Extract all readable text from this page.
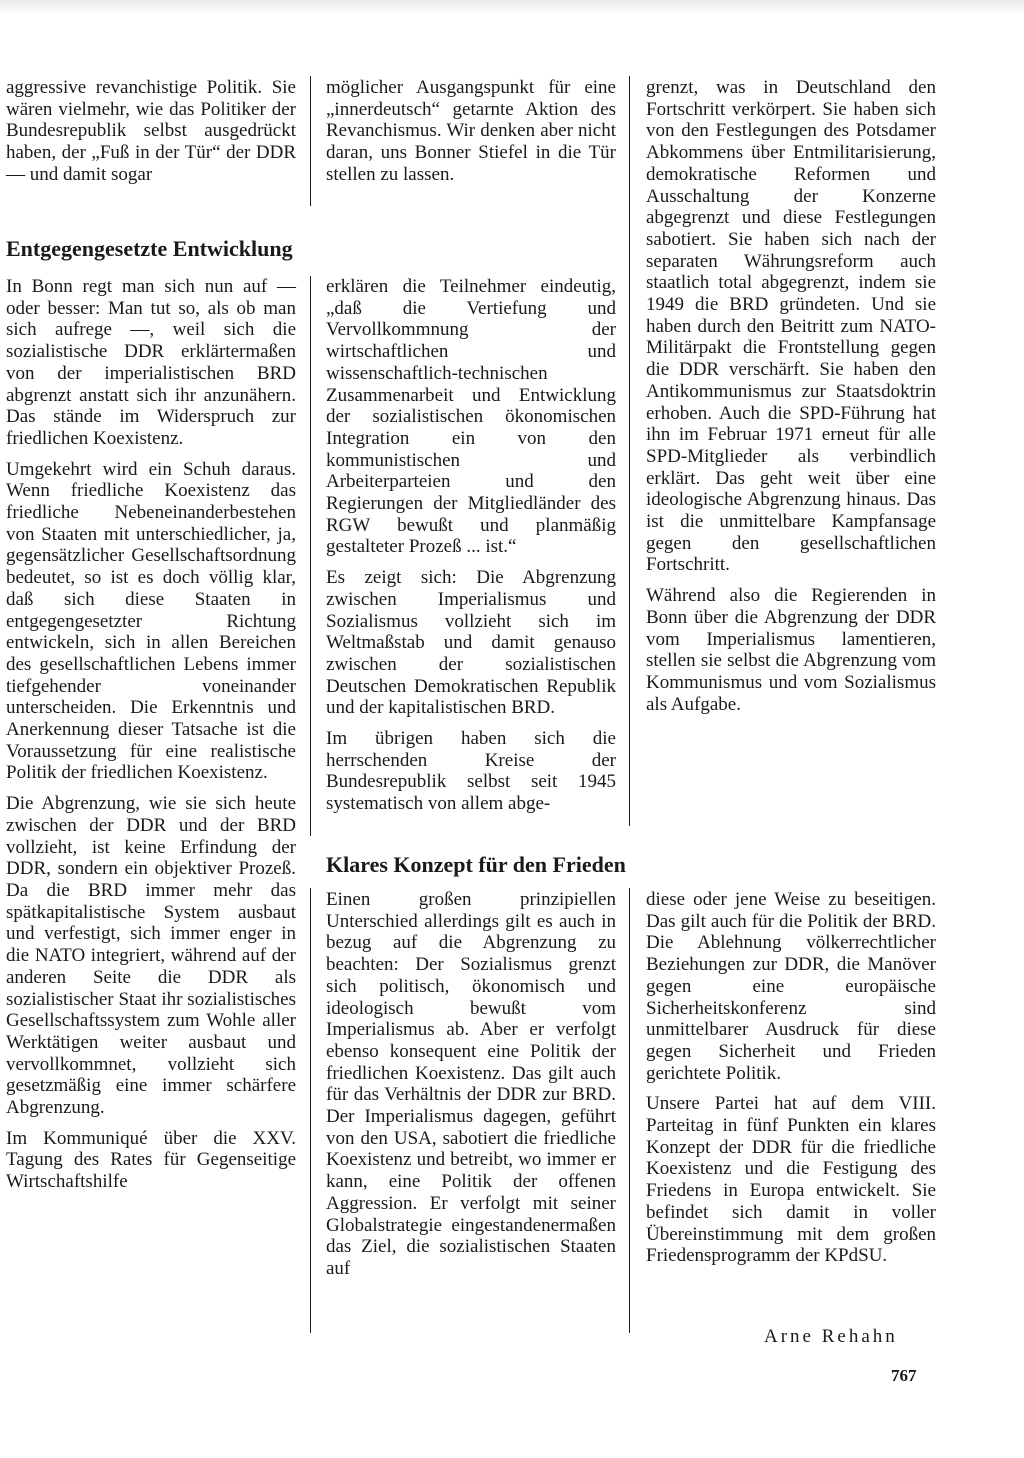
aggressive revanchistige Politik. Sie wären vielmehr, wie das Politiker der Bundesrepublik selbst ausgedrückt haben, der „Fuß in der Tür“ der DDR — und damit sogar

möglicher Ausgangspunkt für eine „innerdeutsch“ getarnte Aktion des Revanchismus. Wir denken aber nicht daran, uns Bonner Stiefel in die Tür stellen zu lassen.

grenzt, was in Deutschland den Fortschritt verkörpert. Sie haben sich von den Festlegungen des Potsdamer Abkommens über Entmilitarisierung, demokratische Reformen und Ausschaltung der Konzerne abgegrenzt und diese Festlegungen sabotiert. Sie haben sich nach der separaten Währungsreform auch staatlich total abgegrenzt, indem sie 1949 die BRD gründeten. Und sie haben durch den Beitritt zum NATO-Militärpakt die Frontstellung gegen die DDR verschärft. Sie haben den Antikommunismus zur Staatsdoktrin erhoben. Auch die SPD-Führung hat ihn im Februar 1971 erneut für alle SPD-Mitglieder als verbindlich erklärt. Das geht weit über eine ideologische Abgrenzung hinaus. Das ist die unmittelbare Kampfansage gegen den gesellschaftlichen Fortschritt.

Während also die Regierenden in Bonn über die Abgrenzung der DDR vom Imperialismus lamentieren, stellen sie selbst die Abgrenzung vom Kommunismus und vom Sozialismus als Aufgabe.

Entgegengesetzte Entwicklung

In Bonn regt man sich nun auf — oder besser: Man tut so, als ob man sich aufrege —, weil sich die sozialistische DDR erklärtermaßen von der imperialistischen BRD abgrenzt anstatt sich ihr anzunähern. Das stände im Widerspruch zur friedlichen Koexistenz.

Umgekehrt wird ein Schuh daraus. Wenn friedliche Koexistenz das friedliche Nebeneinanderbestehen von Staaten mit unterschiedlicher, ja, gegensätzlicher Gesellschaftsordnung bedeutet, so ist es doch völlig klar, daß sich diese Staaten in entgegengesetzter Richtung entwickeln, sich in allen Bereichen des gesellschaftlichen Lebens immer tiefgehender voneinander unterscheiden. Die Erkenntnis und Anerkennung dieser Tatsache ist die Voraussetzung für eine realistische Politik der friedlichen Koexistenz.

Die Abgrenzung, wie sie sich heute zwischen der DDR und der BRD vollzieht, ist keine Erfindung der DDR, sondern ein objektiver Prozeß. Da die BRD immer mehr das spätkapitalistische System ausbaut und verfestigt, sich immer enger in die NATO integriert, während auf der anderen Seite die DDR als sozialistischer Staat ihr sozialistisches Gesellschaftssystem zum Wohle aller Werktätigen weiter ausbaut und vervollkommnet, vollzieht sich gesetzmäßig eine immer schärfere Abgrenzung.

Im Kommuniqué über die XXV. Tagung des Rates für Gegenseitige Wirtschaftshilfe

erklären die Teilnehmer eindeutig, „daß die Vertiefung und Vervollkommnung der wirtschaftlichen und wissenschaftlich-technischen Zusammenarbeit und Entwicklung der sozialistischen ökonomischen Integration ein von den kommunistischen und Arbeiterparteien und den Regierungen der Mitgliedländer des RGW bewußt und planmäßig gestalteter Prozeß ... ist.“

Es zeigt sich: Die Abgrenzung zwischen Imperialismus und Sozialismus vollzieht sich im Weltmaßstab und damit genauso zwischen der sozialistischen Deutschen Demokratischen Republik und der kapitalistischen BRD.

Im übrigen haben sich die herrschenden Kreise der Bundesrepublik selbst seit 1945 systematisch von allem abge-

Klares Konzept für den Frieden

Einen großen prinzipiellen Unterschied allerdings gilt es auch in bezug auf die Abgrenzung zu beachten: Der Sozialismus grenzt sich politisch, ökonomisch und ideologisch bewußt vom Imperialismus ab. Aber er verfolgt ebenso konsequent eine Politik der friedlichen Koexistenz. Das gilt auch für das Verhältnis der DDR zur BRD. Der Imperialismus dagegen, geführt von den USA, sabotiert die friedliche Koexistenz und betreibt, wo immer er kann, eine Politik der offenen Aggression. Er verfolgt mit seiner Globalstrategie eingestandenermaßen das Ziel, die sozialistischen Staaten auf

diese oder jene Weise zu beseitigen. Das gilt auch für die Politik der BRD. Die Ablehnung völkerrechtlicher Beziehungen zur DDR, die Manöver gegen eine europäische Sicherheitskonferenz sind unmittelbarer Ausdruck für diese gegen Sicherheit und Frieden gerichtete Politik.

Unsere Partei hat auf dem VIII. Parteitag in fünf Punkten ein klares Konzept der DDR für die friedliche Koexistenz und die Festigung des Friedens in Europa entwickelt. Sie befindet sich damit in voller Übereinstimmung mit dem großen Friedensprogramm der KPdSU.

Arne Rehahn
767
